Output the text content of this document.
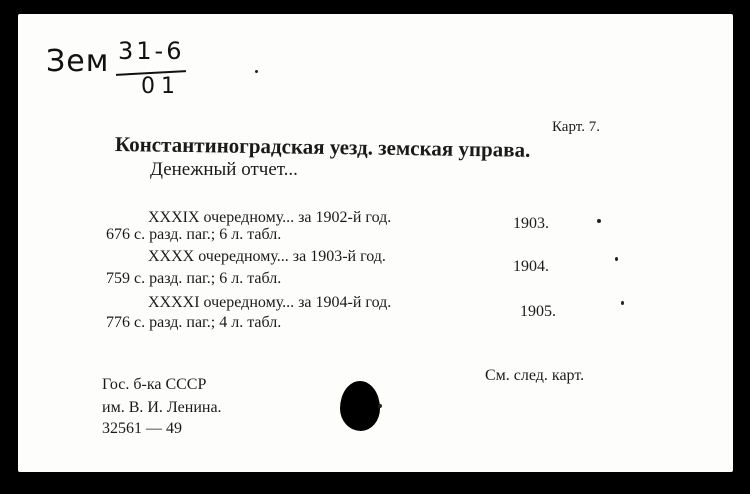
Зем 31-6
01
Карт. 7.
Константиноградская уезд. земская управа.
Денежный отчет...
XXXIX очередному... за 1902-й год.	1903.
676 с. разд. паг.; 6 л. табл.
XXXX очередному... за 1903-й год.
1904.
759 с. разд. паг.; 6 л. табл.
XXXXI очередному... за 1904-й год.
1905.
776 с. разд. паг.; 4 л. табл.
Гос. б-ка СССР
им. В. И. Ленина.
32561 — 49
См. след. карт.
